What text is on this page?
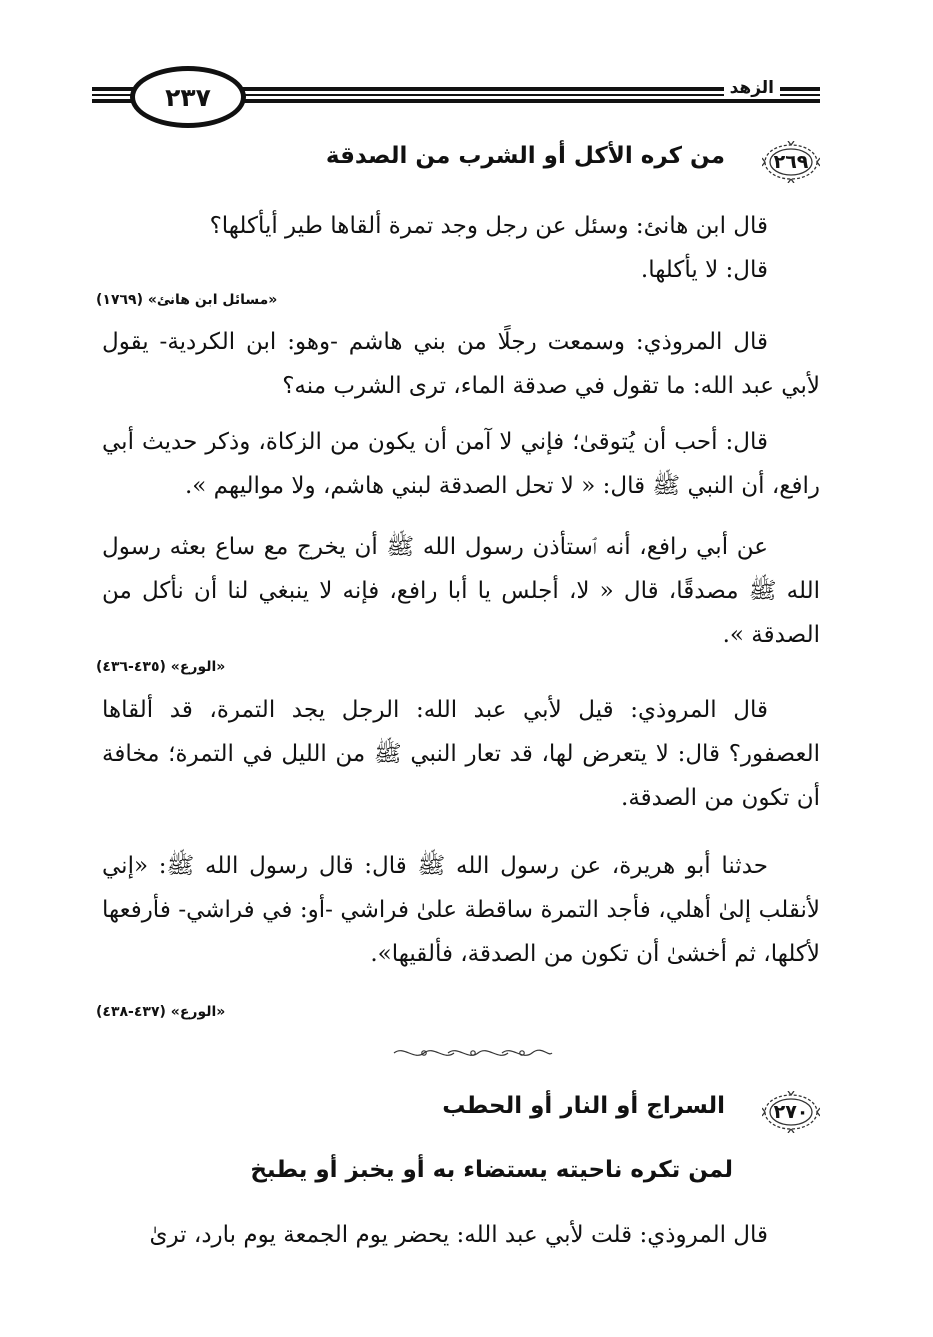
٢٣٧	الزهد
٢٦٩
من كره الأكل أو الشرب من الصدقة

قال ابن هانئ: وسئل عن رجل وجد تمرة ألقاها طير أيأكلها؟

قال: لا يأكلها.

«مسائل ابن هانئ» (١٧٦٩)

قال المروذي: وسمعت رجلًا من بني هاشم -وهو: ابن الكردية- يقول لأبي عبد الله: ما تقول في صدقة الماء، ترى الشرب منه؟

قال: أحب أن يُتوقىٰ؛ فإني لا آمن أن يكون من الزكاة، وذكر حديث أبي رافع، أن النبي ﷺ قال: « لا تحل الصدقة لبني هاشم، ولا مواليهم ».

عن أبي رافع، أنه ٱستأذن رسول الله ﷺ أن يخرج مع ساع بعثه رسول الله ﷺ مصدقًا، قال « لا، أجلس يا أبا رافع، فإنه لا ينبغي لنا أن نأكل من الصدقة ».

«الورع» (٤٣٥-٤٣٦)

قال المروذي: قيل لأبي عبد الله: الرجل يجد التمرة، قد ألقاها العصفور؟ قال: لا يتعرض لها، قد تعار النبي ﷺ من الليل في التمرة؛ مخافة أن تكون من الصدقة.

حدثنا أبو هريرة، عن رسول الله ﷺ قال: قال رسول الله ﷺ: «إني لأنقلب إلىٰ أهلي، فأجد التمرة ساقطة علىٰ فراشي -أو: في فراشي- فأرفعها لأكلها، ثم أخشىٰ أن تكون من الصدقة، فألقيها».

«الورع» (٤٣٧-٤٣٨)
٢٧٠
السراج أو النار أو الحطب
لمن تكره ناحيته يستضاء به أو يخبز أو يطبخ

قال المروذي: قلت لأبي عبد الله: يحضر يوم الجمعة يوم بارد، ترىٰ
